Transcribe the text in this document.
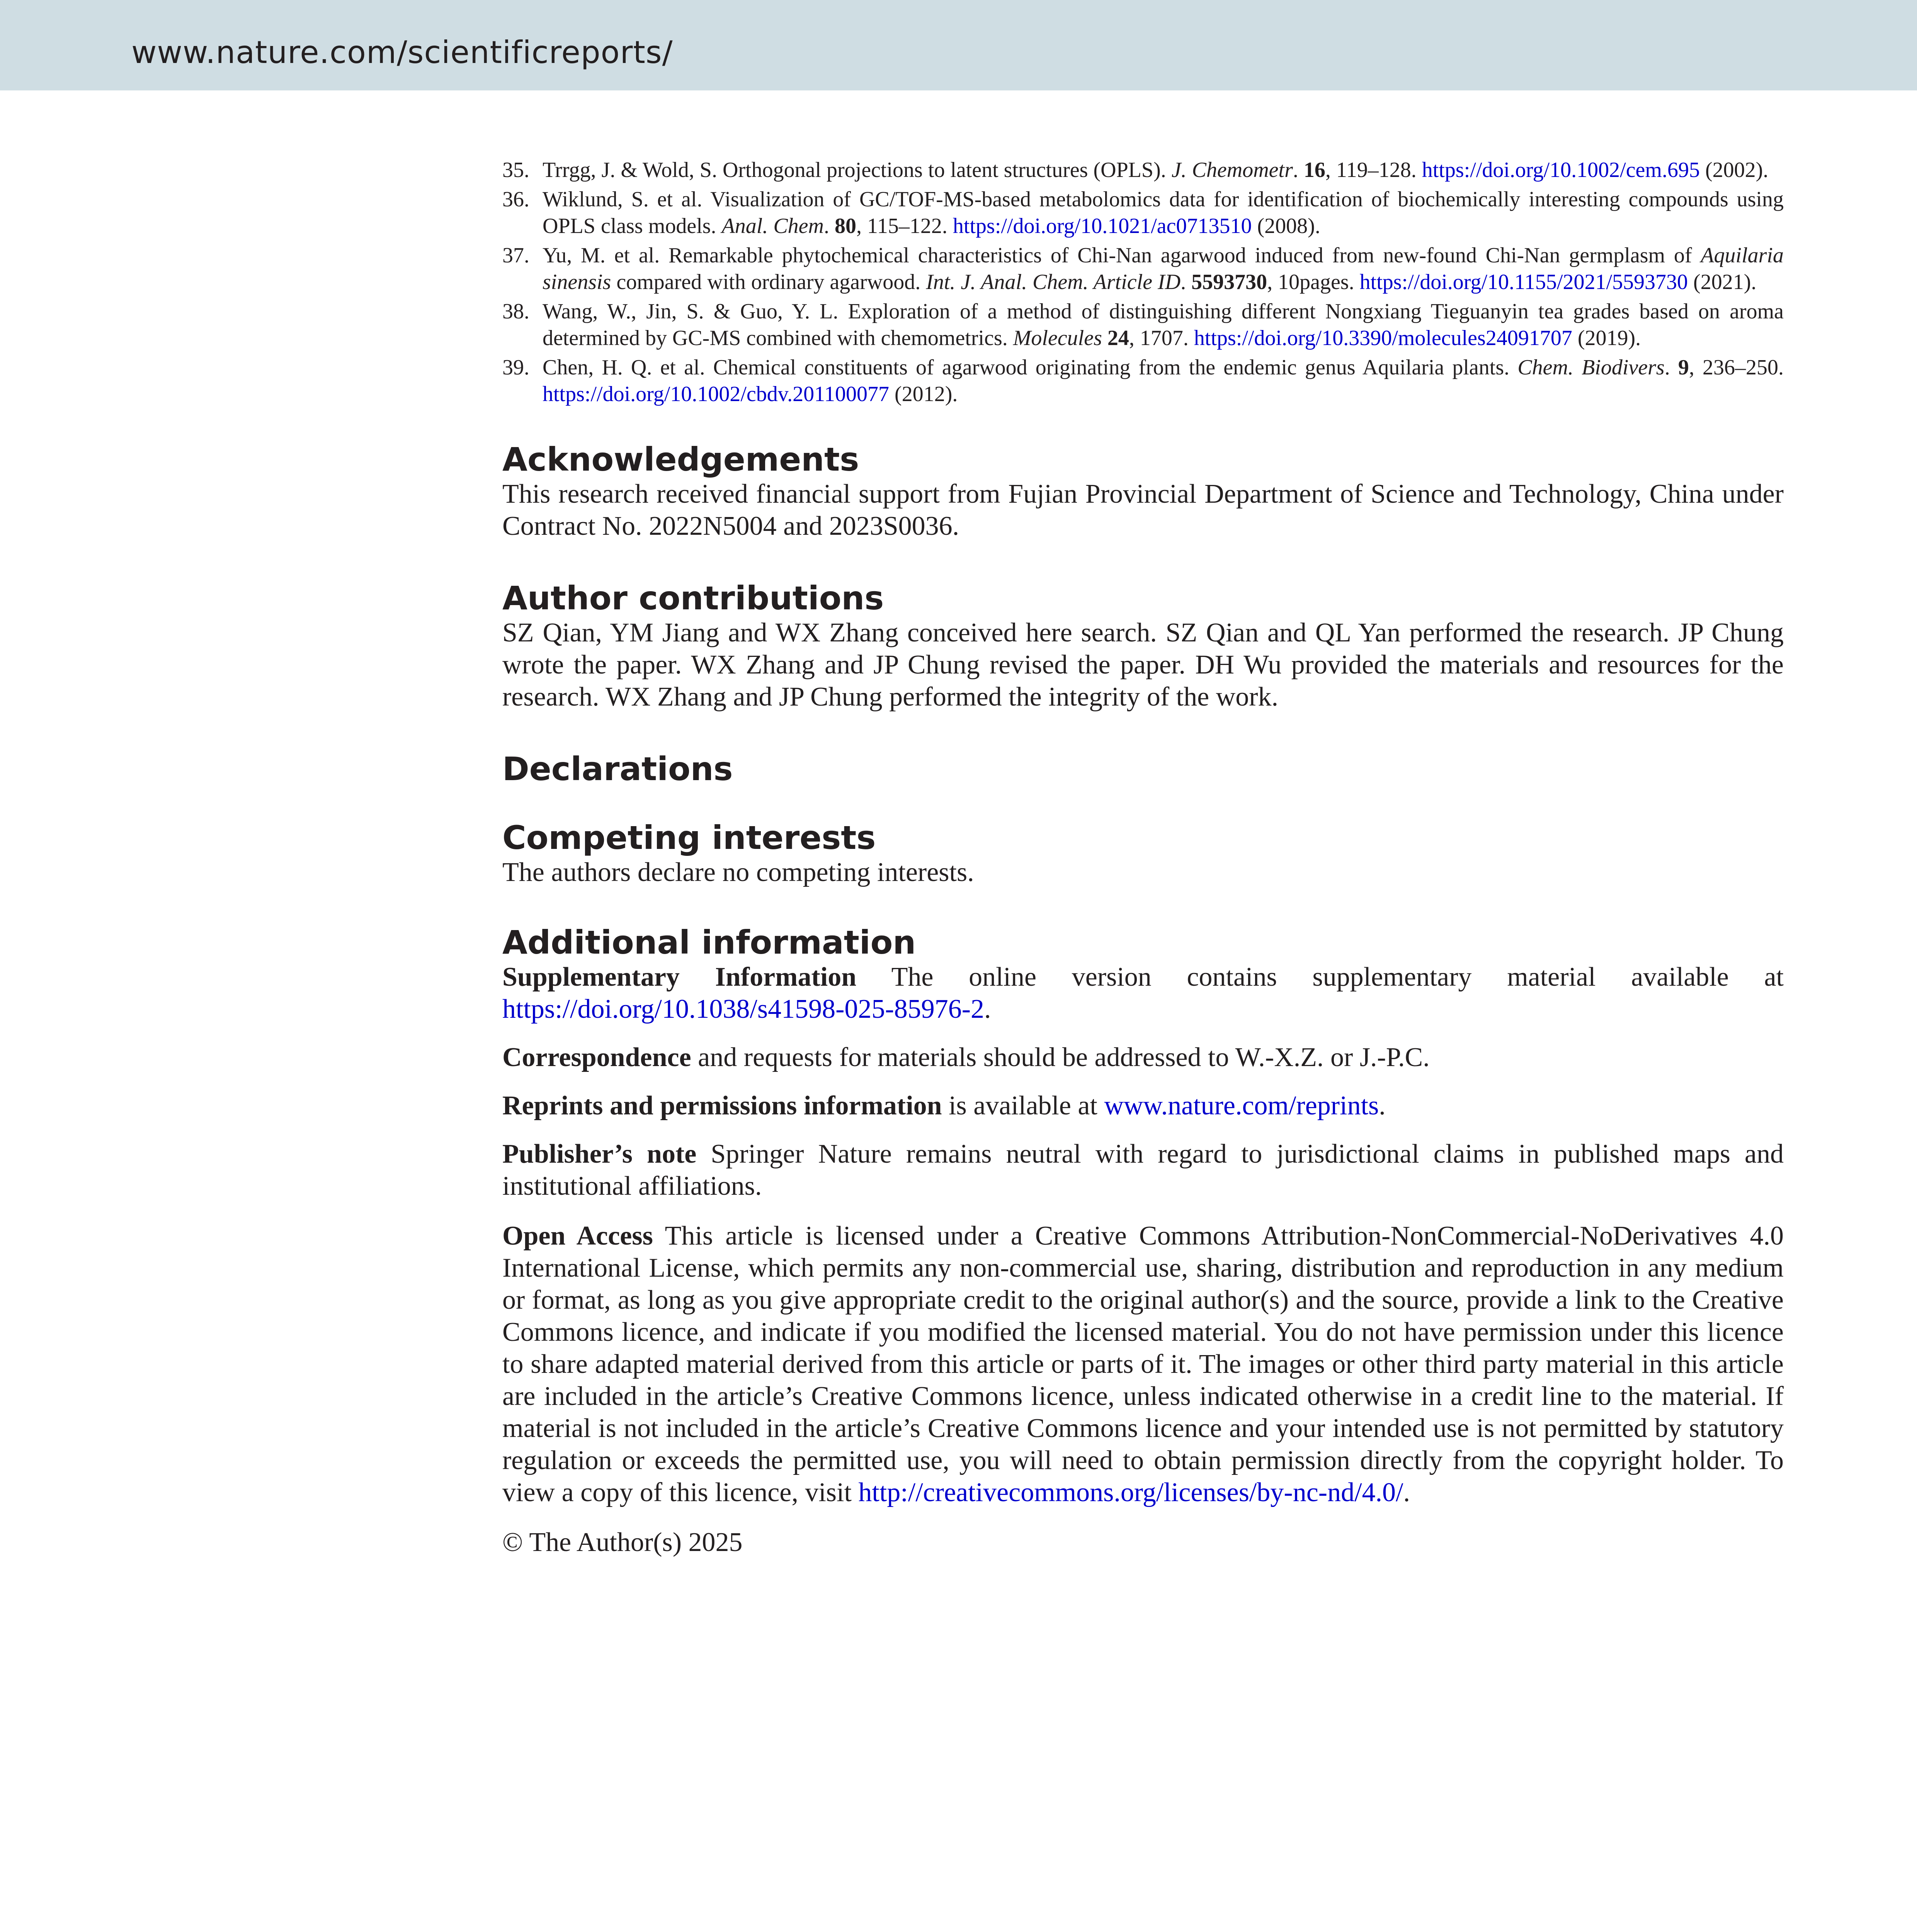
www.nature.com/scientificreports/
35. Trrgg, J. & Wold, S. Orthogonal projections to latent structures (OPLS). J. Chemometr. 16, 119–128. https://doi.org/10.1002/cem.695 (2002).
36. Wiklund, S. et al. Visualization of GC/TOF-MS-based metabolomics data for identification of biochemically interesting compounds using OPLS class models. Anal. Chem. 80, 115–122. https://doi.org/10.1021/ac0713510 (2008).
37. Yu, M. et al. Remarkable phytochemical characteristics of Chi-Nan agarwood induced from new-found Chi-Nan germplasm of Aquilaria sinensis compared with ordinary agarwood. Int. J. Anal. Chem. Article ID. 5593730, 10pages. https://doi.org/10.1155/2021/5593730 (2021).
38. Wang, W., Jin, S. & Guo, Y. L. Exploration of a method of distinguishing different Nongxiang Tieguanyin tea grades based on aroma determined by GC-MS combined with chemometrics. Molecules 24, 1707. https://doi.org/10.3390/molecules24091707 (2019).
39. Chen, H. Q. et al. Chemical constituents of agarwood originating from the endemic genus Aquilaria plants. Chem. Biodivers. 9, 236–250. https://doi.org/10.1002/cbdv.201100077 (2012).
Acknowledgements

This research received financial support from Fujian Provincial Department of Science and Technology, China under Contract No. 2022N5004 and 2023S0036.

Author contributions

SZ Qian, YM Jiang and WX Zhang conceived here search. SZ Qian and QL Yan performed the research. JP Chung wrote the paper. WX Zhang and JP Chung revised the paper. DH Wu provided the materials and resources for the research. WX Zhang and JP Chung performed the integrity of the work.

Declarations
Competing interests

The authors declare no competing interests.

Additional information

Supplementary Information The online version contains supplementary material available at https://doi.org/10.1038/s41598-025-85976-2.

Correspondence and requests for materials should be addressed to W.-X.Z. or J.-P.C.

Reprints and permissions information is available at www.nature.com/reprints.

Publisher’s note Springer Nature remains neutral with regard to jurisdictional claims in published maps and institutional affiliations.

Open Access This article is licensed under a Creative Commons Attribution-NonCommercial-NoDerivatives 4.0 International License, which permits any non-commercial use, sharing, distribution and reproduction in any medium or format, as long as you give appropriate credit to the original author(s) and the source, provide a link to the Creative Commons licence, and indicate if you modified the licensed material. You do not have permission under this licence to share adapted material derived from this article or parts of it. The images or other third party material in this article are included in the article’s Creative Commons licence, unless indicated otherwise in a credit line to the material. If material is not included in the article’s Creative Commons licence and your intended use is not permitted by statutory regulation or exceeds the permitted use, you will need to obtain permission directly from the copyright holder. To view a copy of this licence, visit http://creativecommons.org/licenses/by-nc-nd/4.0/.

© The Author(s) 2025
